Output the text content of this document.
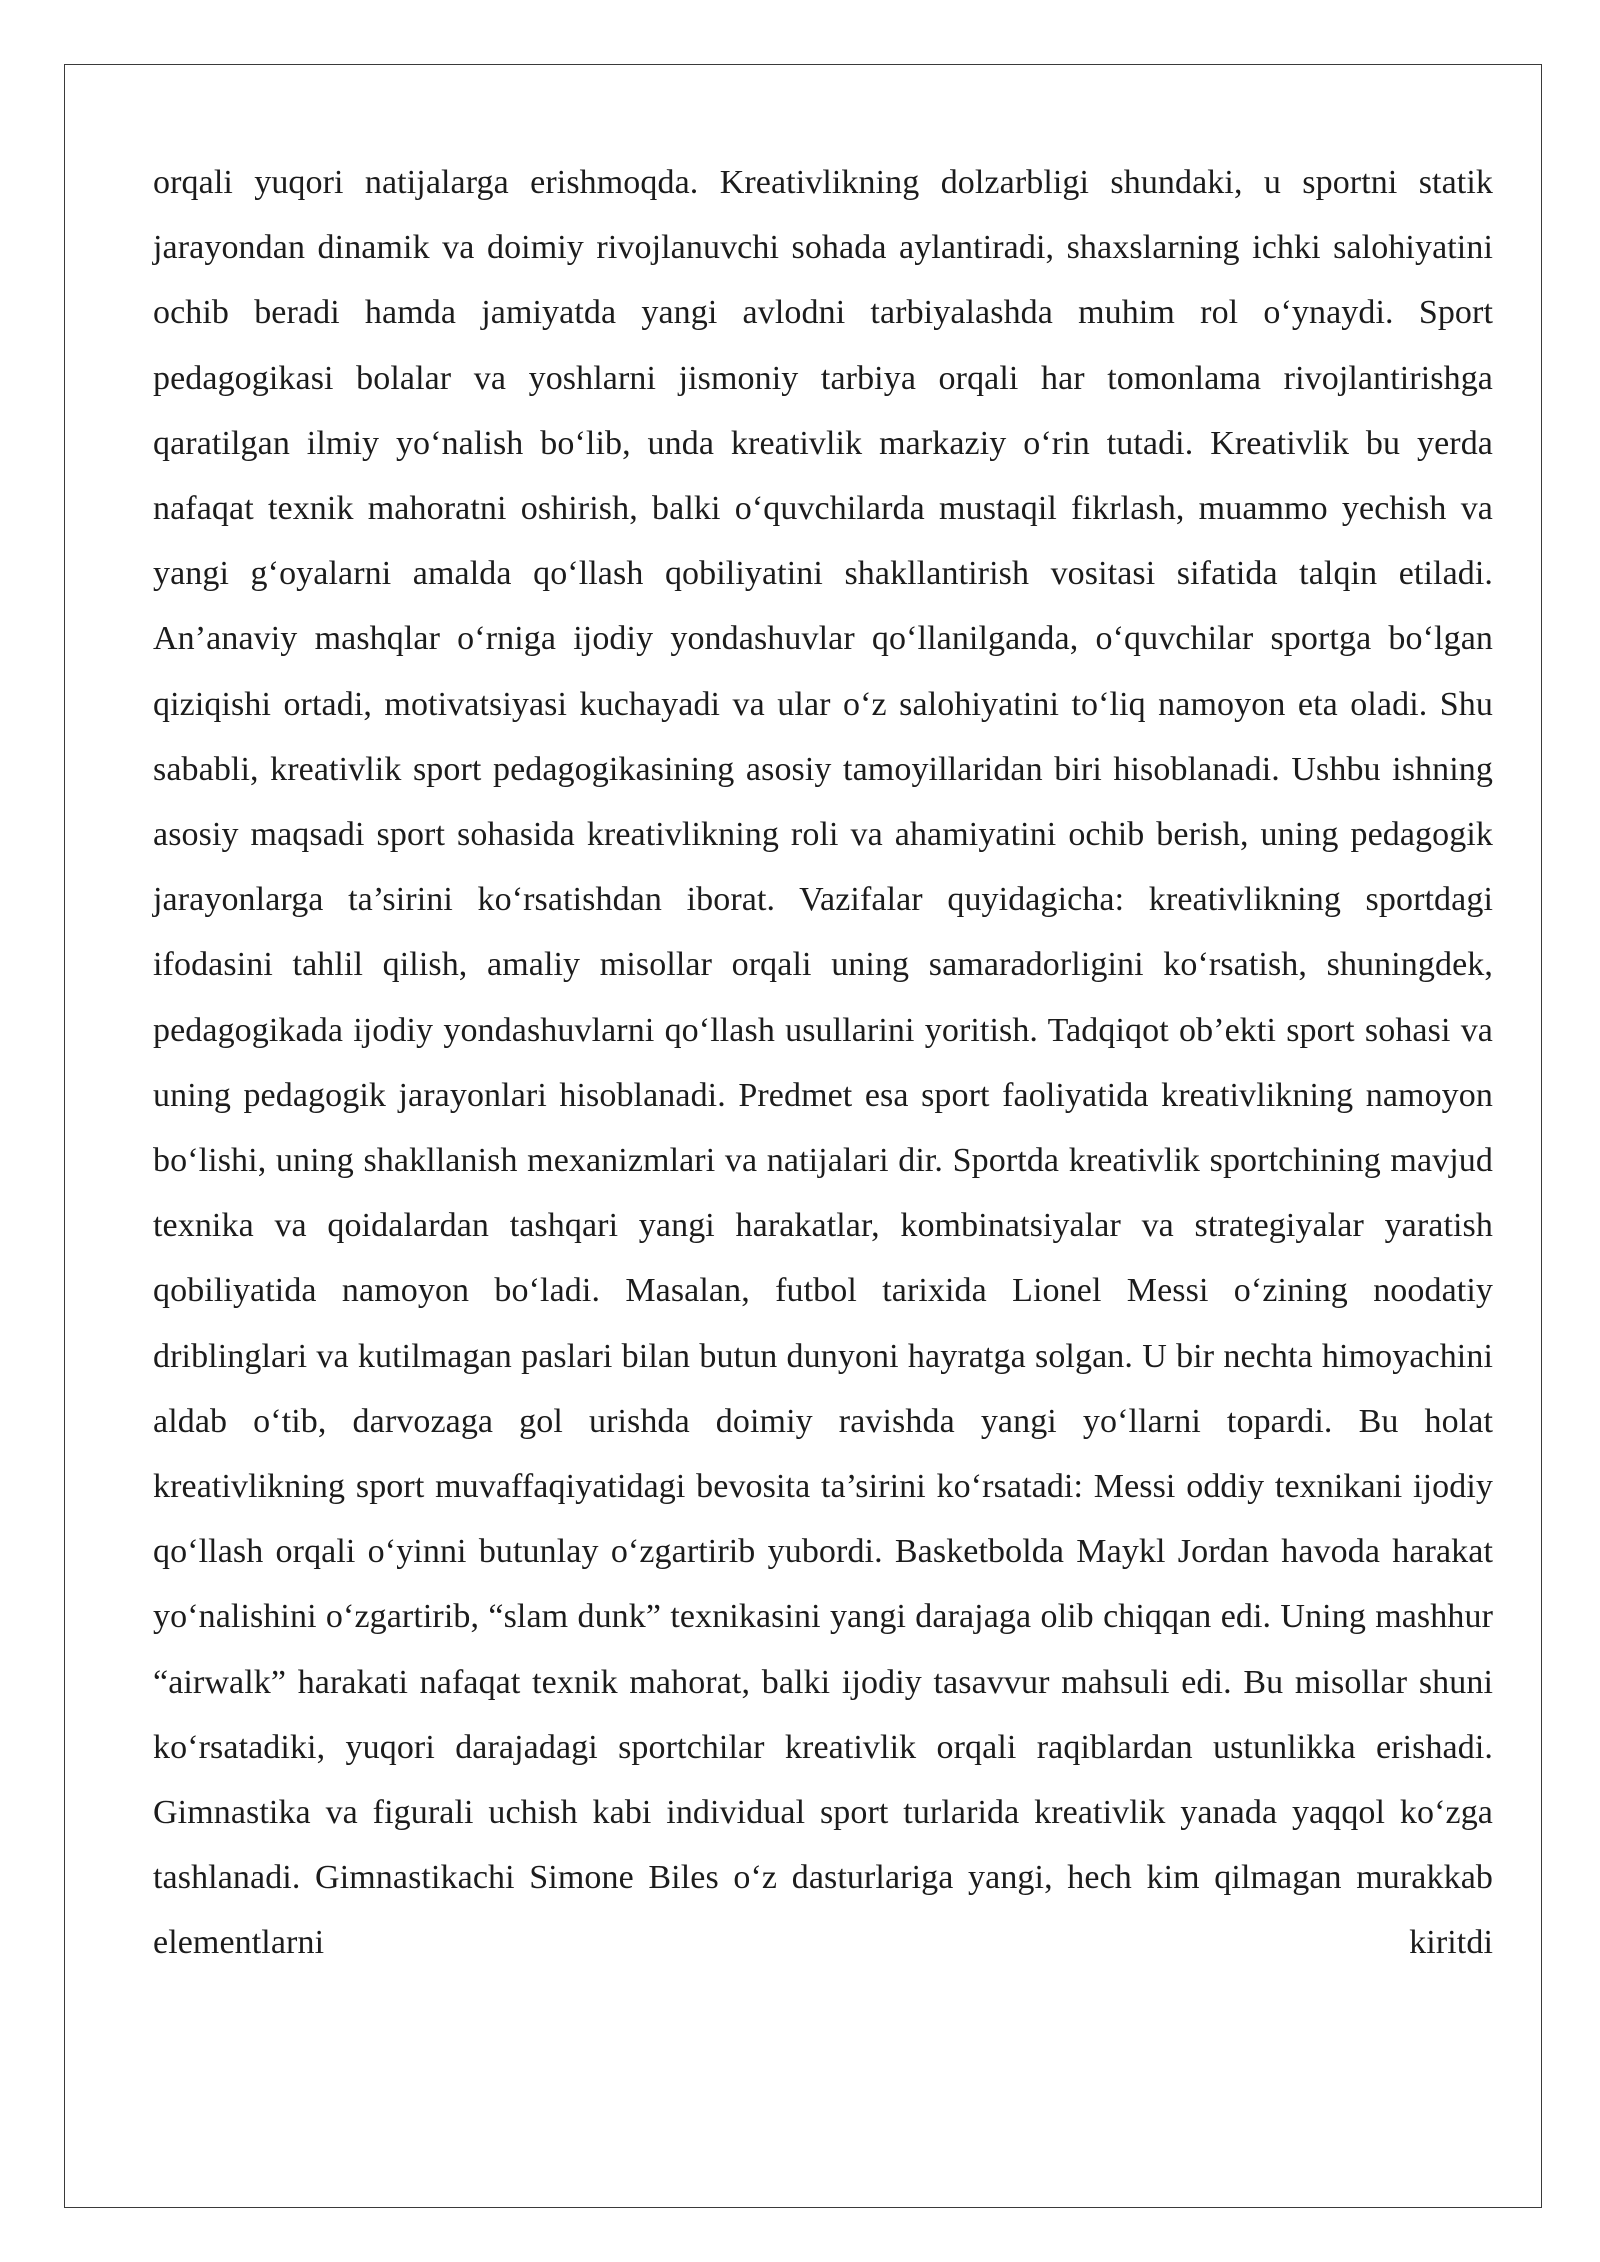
orqali yuqori natijalarga erishmoqda. Kreativlikning dolzarbligi shundaki, u sportni statik jarayondan dinamik va doimiy rivojlanuvchi sohada aylantiradi, shaxslarning ichki salohiyatini ochib beradi hamda jamiyatda yangi avlodni tarbiyalashda muhim rol o‘ynaydi. Sport pedagogikasi bolalar va yoshlarni jismoniy tarbiya orqali har tomonlama rivojlantirishga qaratilgan ilmiy yo‘nalish bo‘lib, unda kreativlik markaziy o‘rin tutadi. Kreativlik bu yerda nafaqat texnik mahoratni oshirish, balki o‘quvchilarda mustaqil fikrlash, muammo yechish va yangi g‘oyalarni amalda qo‘llash qobiliyatini shakllantirish vositasi sifatida talqin etiladi. An’anaviy mashqlar o‘rniga ijodiy yondashuvlar qo‘llanilganda, o‘quvchilar sportga bo‘lgan qiziqishi ortadi, motivatsiyasi kuchayadi va ular o‘z salohiyatini to‘liq namoyon eta oladi. Shu sababli, kreativlik sport pedagogikasining asosiy tamoyillaridan biri hisoblanadi. Ushbu ishning asosiy maqsadi sport sohasida kreativlikning roli va ahamiyatini ochib berish, uning pedagogik jarayonlarga ta’sirini ko‘rsatishdan iborat. Vazifalar quyidagicha: kreativlikning sportdagi ifodasini tahlil qilish, amaliy misollar orqali uning samaradorligini ko‘rsatish, shuningdek, pedagogikada ijodiy yondashuvlarni qo‘llash usullarini yoritish. Tadqiqot ob’ekti sport sohasi va uning pedagogik jarayonlari hisoblanadi. Predmet esa sport faoliyatida kreativlikning namoyon bo‘lishi, uning shakllanish mexanizmlari va natijalari dir. Sportda kreativlik sportchining mavjud texnika va qoidalardan tashqari yangi harakatlar, kombinatsiyalar va strategiyalar yaratish qobiliyatida namoyon bo‘ladi. Masalan, futbol tarixida Lionel Messi o‘zining noodatiy driblinglari va kutilmagan paslari bilan butun dunyoni hayratga solgan. U bir nechta himoyachini aldab o‘tib, darvozaga gol urishda doimiy ravishda yangi yo‘llarni topardi. Bu holat kreativlikning sport muvaffaqiyatidagi bevosita ta’sirini ko‘rsatadi: Messi oddiy texnikani ijodiy qo‘llash orqali o‘yinni butunlay o‘zgartirib yubordi. Basketbolda Maykl Jordan havoda harakat yo‘nalishini o‘zgartirib, “slam dunk” texnikasini yangi darajaga olib chiqqan edi. Uning mashhur “airwalk” harakati nafaqat texnik mahorat, balki ijodiy tasavvur mahsuli edi. Bu misollar shuni ko‘rsatadiki, yuqori darajadagi sportchilar kreativlik orqali raqiblardan ustunlikka erishadi. Gimnastika va figurali uchish kabi individual sport turlarida kreativlik yanada yaqqol ko‘zga tashlanadi. Gimnastikachi Simone Biles o‘z dasturlariga yangi, hech kim qilmagan murakkab elementlarni kiritdi
